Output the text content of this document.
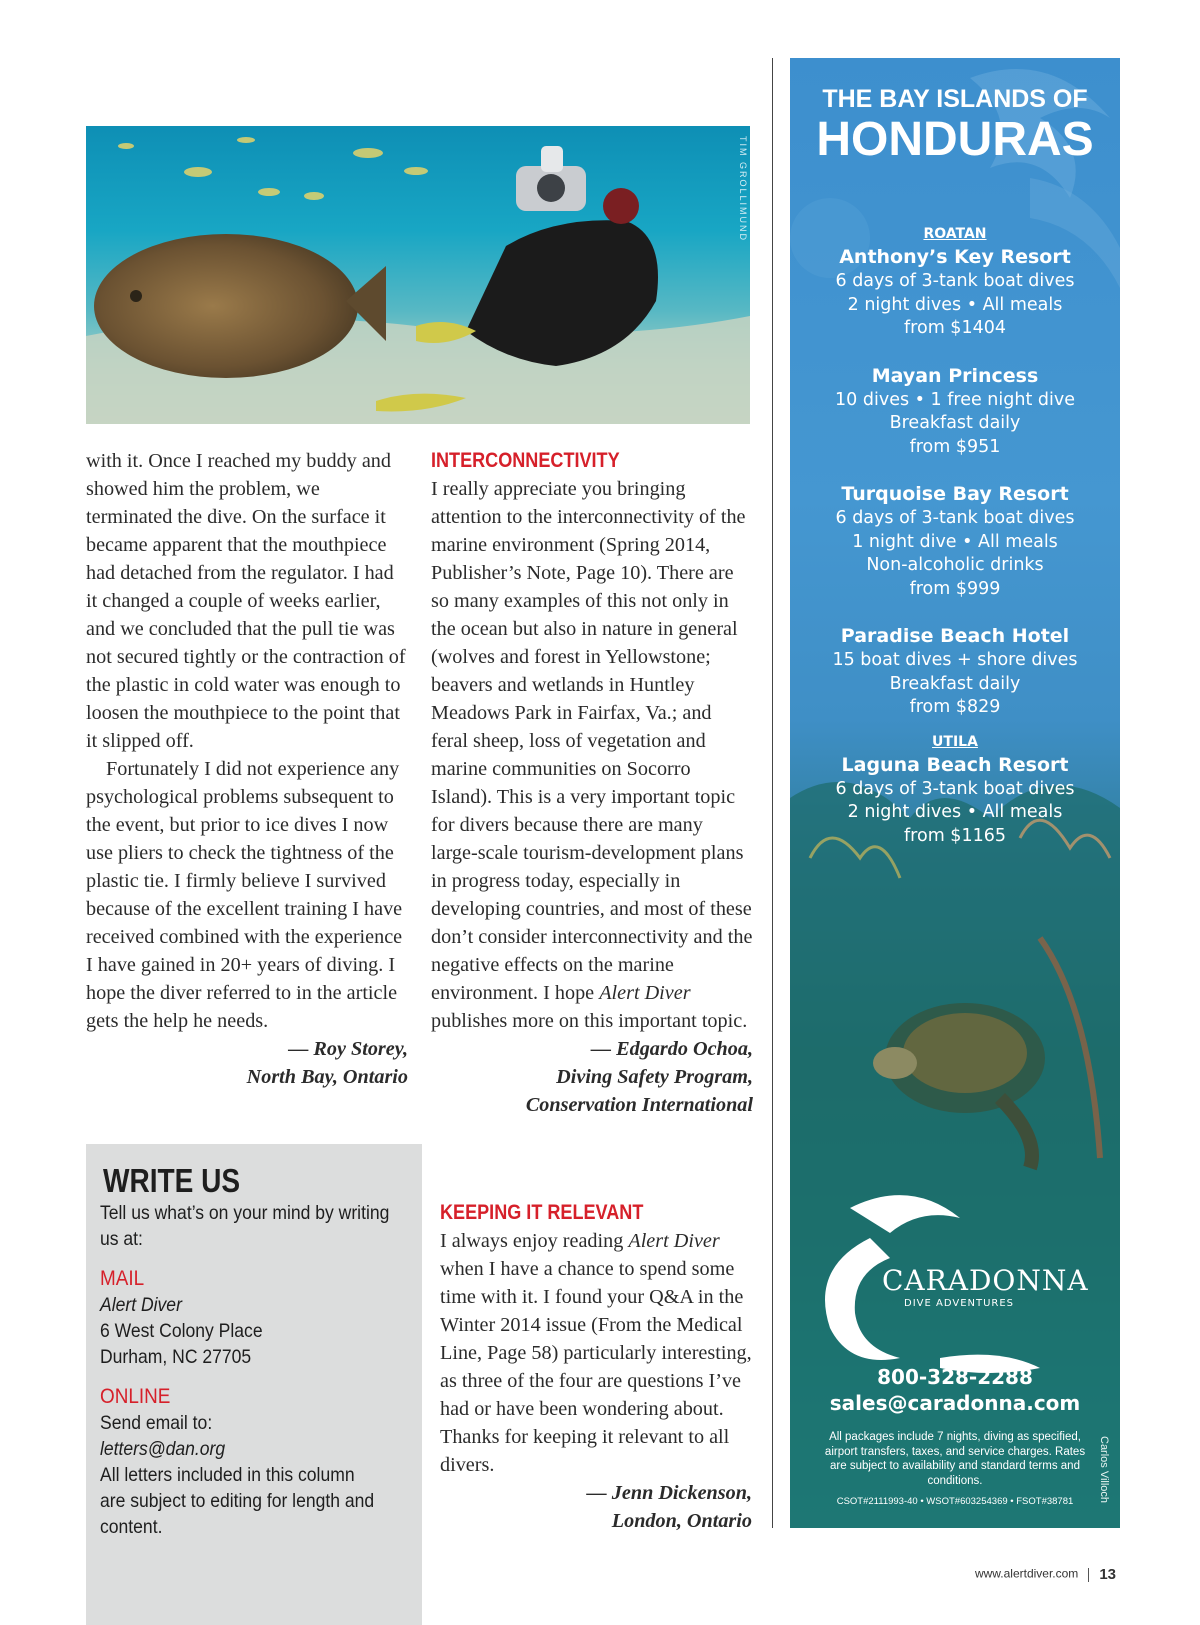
TIM GROLLIMUND

with it. Once I reached my buddy and showed him the problem, we terminated the dive. On the surface it became apparent that the mouthpiece had detached from the regulator. I had it changed a couple of weeks earlier, and we concluded that the pull tie was not secured tightly or the contraction of the plastic in cold water was enough to loosen the mouthpiece to the point that it slipped off.

Fortunately I did not experience any psychological problems subsequent to the event, but prior to ice dives I now use pliers to check the tightness of the plastic tie. I firmly believe I survived because of the excellent training I have received combined with the experience I have gained in 20+ years of diving. I hope the diver referred to in the article gets the help he needs.

— Roy Storey,

North Bay, Ontario

INTERCONNECTIVITY

I really appreciate you bringing attention to the interconnectivity of the marine environment (Spring 2014, Publisher’s Note, Page 10). There are so many examples of this not only in the ocean but also in nature in general (wolves and forest in Yellowstone; beavers and wetlands in Huntley Meadows Park in Fairfax, Va.; and feral sheep, loss of vegetation and marine communities on Socorro Island). This is a very important topic for divers because there are many large-scale tourism-development plans in progress today, especially in developing countries, and most of these don’t consider interconnectivity and the negative effects on the marine environment. I hope Alert Diver publishes more on this important topic.

— Edgardo Ochoa,

Diving Safety Program,

Conservation International

KEEPING IT RELEVANT

I always enjoy reading Alert Diver when I have a chance to spend some time with it. I found your Q&A in the Winter 2014 issue (From the Medical Line, Page 58) particularly interesting, as three of the four are questions I’ve had or have been wondering about. Thanks for keeping it relevant to all divers.

— Jenn Dickenson,

London, Ontario

WRITE US
Tell us what’s on your mind by writing
us at:
MAIL
Alert Diver
6 West Colony Place
Durham, NC 27705
ONLINE
Send email to:
letters@dan.org
All letters included in this column
are subject to editing for length and
content.
THE BAY ISLANDS OF
HONDURAS
ROATAN
Anthony’s Key Resort
6 days of 3-tank boat dives
2 night dives • All meals
from $1404
Mayan Princess
10 dives • 1 free night dive
Breakfast daily
from $951
Turquoise Bay Resort
6 days of 3-tank boat dives
1 night dive • All meals
Non-alcoholic drinks
from $999
Paradise Beach Hotel
15 boat dives + shore dives
Breakfast daily
from $829
UTILA
Laguna Beach Resort
6 days of 3-tank boat dives
2 night dives • All meals
from $1165
800-328-2288
sales@caradonna.com
All packages include 7 nights, diving as specified, airport transfers, taxes, and service charges. Rates are subject to availability and standard terms and conditions.
CSOT#2111993-40 • WSOT#603254369 • FSOT#38781
CARADONNA
DIVE ADVENTURES
Carlos Villoch
www.alertdiver.com 13
